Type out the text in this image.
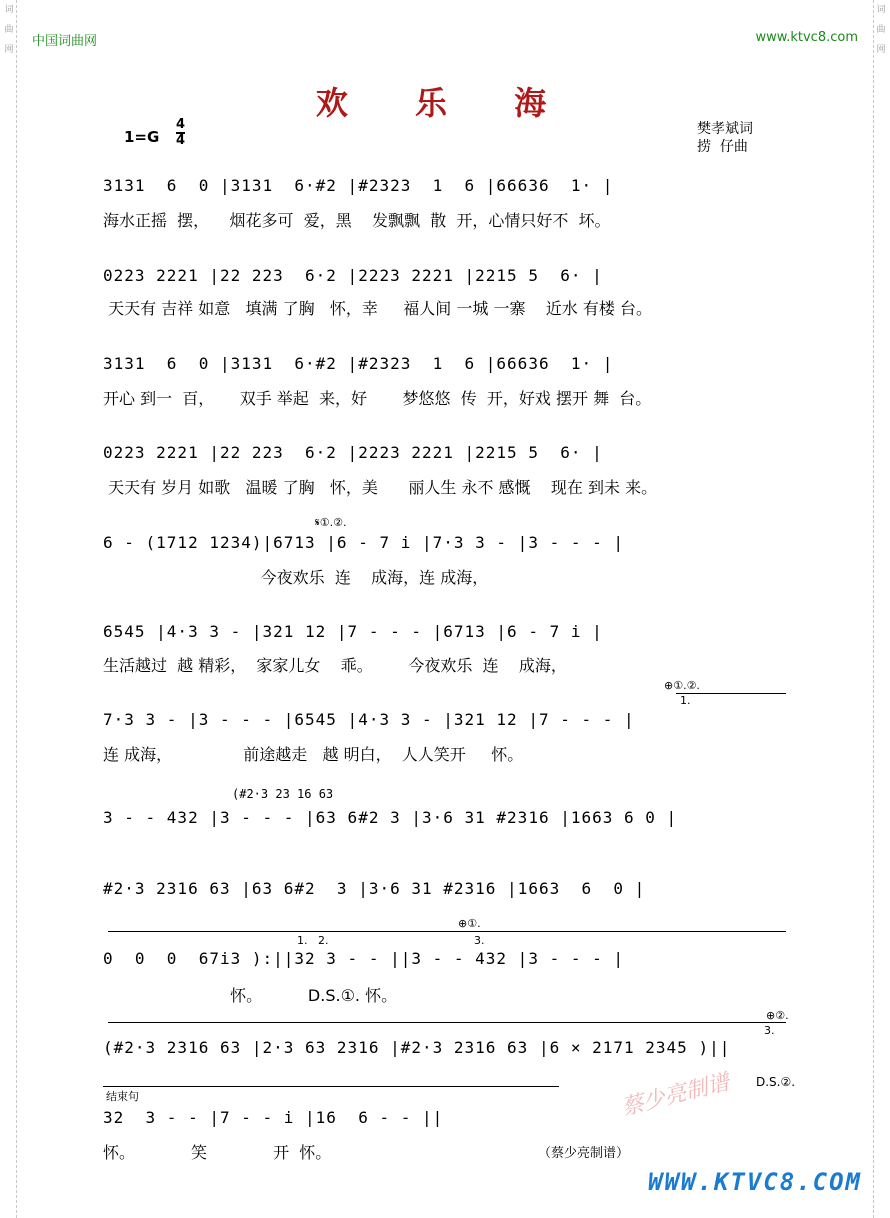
词曲网
词曲网
中国词曲网	www.ktvc8.com
欢 乐 海
1=G
4
4
樊孝斌词
捞  仔曲
3131  6  0 |3131  6·#2 |#2323  1  6 |66636  1· |
海水正摇  摆，    烟花多可  爱，黑    发飘飘  散  开，心情只好不  坏。
0223 2221 |22 223  6·2 |2223 2221 |2215 5  6· |
天天有 吉祥 如意   填满 了胸   怀，幸     福人间 一城 一寨    近水 有楼 台。
3131  6  0 |3131  6·#2 |#2323  1  6 |66636  1· |
开心 到一  百，     双手 举起  来，好       梦悠悠  传  开，好戏 摆开 舞  台。
0223 2221 |22 223  6·2 |2223 2221 |2215 5  6· |
天天有 岁月 如歌   温暖 了胸   怀，美      丽人生 永不 感慨    现在 到未 来。
𝄋①.②.
6 - (1712 1234)|6713 |6 - 7 i |7·3 3 - |3 - - - |
今夜欢乐  连    成海，连 成海，
6545 |4·3 3 - |321 12 |7 - - - |6713 |6 - 7 i |
生活越过  越 精彩，  家家儿女    乖。       今夜欢乐  连    成海，
⊕①.②.
1.
7·3 3 - |3 - - - |6545 |4·3 3 - |321 12 |7 - - - |
连 成海，              前途越走   越 明白，  人人笑开     怀。
(#2·3 23 16 63
3 - - 432 |3 - - - |63 6#2 3 |3·6 31 #2316 |1663 6 0 |
#2·3 2316 63 |63 6#2  3 |3·6 31 #2316 |1663  6  0 |
⊕①.
1. 2.	3.
0  0  0  67i3 ):||32 3 - - ||3 - - 432 |3 - - - |
怀。         D.S.①. 怀。
⊕②.
3.
(#2·3 2316 63 |2·3 63 2316 |#2·3 2316 63 |6 × 2171 2345 )||
D.S.②.
结束句
32  3 - - |7 - - i |16  6 - - ||
怀。           笑             开  怀。
蔡少亮制谱
（蔡少亮制谱）
WWW.KTVC8.COM
